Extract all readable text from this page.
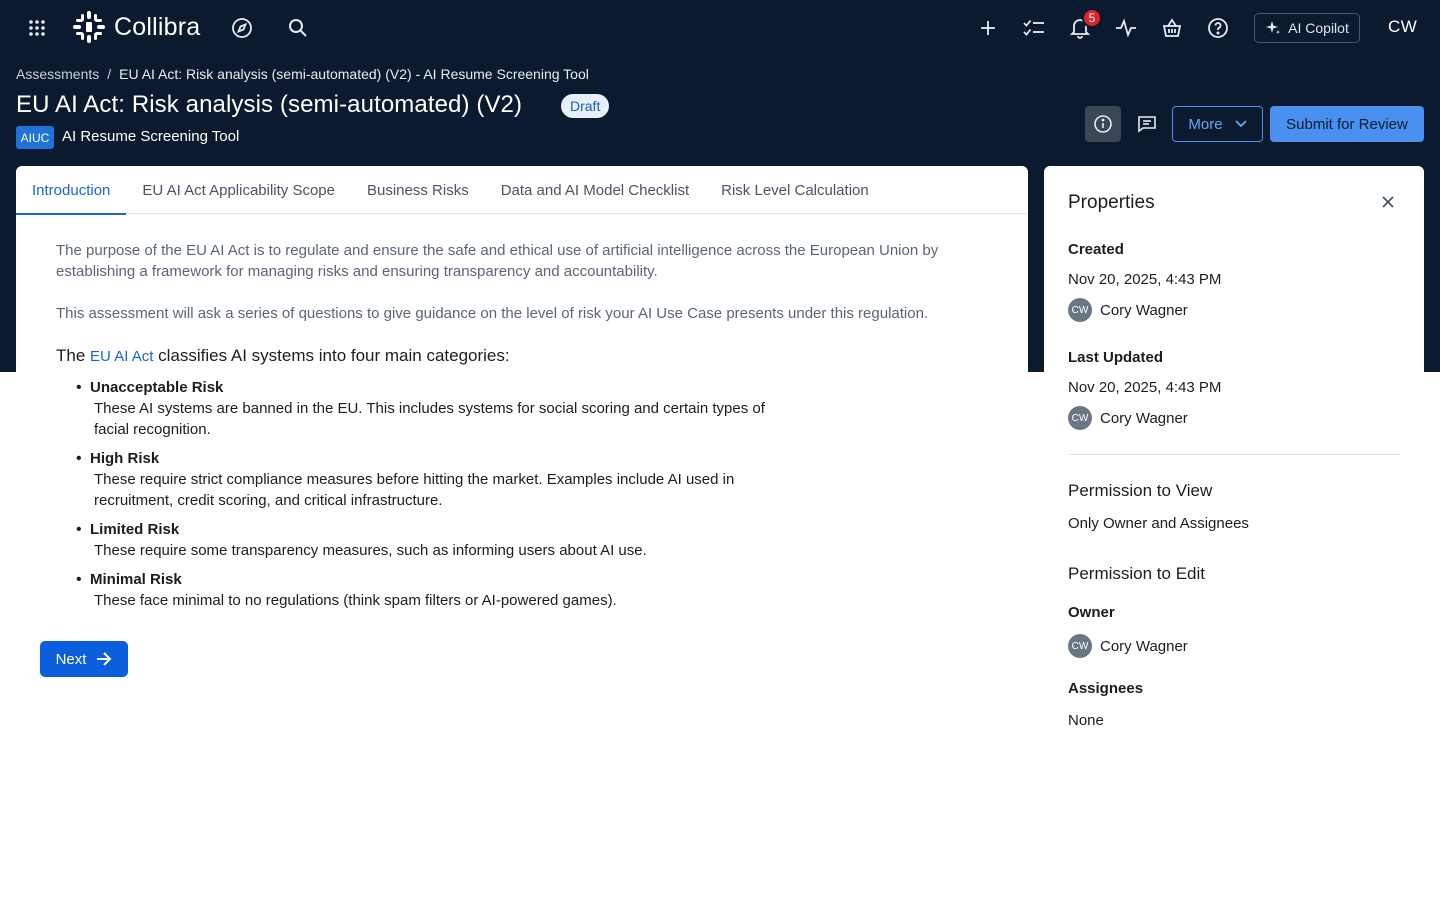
Collibra	5
AI Copilot CW
Assessments / EU AI Act: Risk analysis (semi-automated) (V2) - AI Resume Screening Tool
EU AI Act: Risk analysis (semi-automated) (V2)	Draft
AIUC AI Resume Screening Tool
More	Submit for Review
Introduction	EU AI Act Applicability Scope	Business Risks	Data and AI Model Checklist	Risk Level Calculation

The purpose of the EU AI Act is to regulate and ensure the safe and ethical use of artificial intelligence across the European Union by establishing a framework for managing risks and ensuring transparency and accountability.

This assessment will ask a series of questions to give guidance on the level of risk your AI Use Case presents under this regulation.

The EU AI Act classifies AI systems into four main categories:

• Unacceptable Risk
These AI systems are banned in the EU. This includes systems for social scoring and certain types of facial recognition.
• High Risk
These require strict compliance measures before hitting the market. Examples include AI used in recruitment, credit scoring, and critical infrastructure.
• Limited Risk
These require some transparency measures, such as informing users about AI use.
• Minimal Risk
These face minimal to no regulations (think spam filters or AI-powered games).
Next
Properties
Created
Nov 20, 2025, 4:43 PM
CW Cory Wagner
Last Updated
Nov 20, 2025, 4:43 PM
CW Cory Wagner
Permission to View
Only Owner and Assignees
Permission to Edit
Owner
CW Cory Wagner
Assignees
None
